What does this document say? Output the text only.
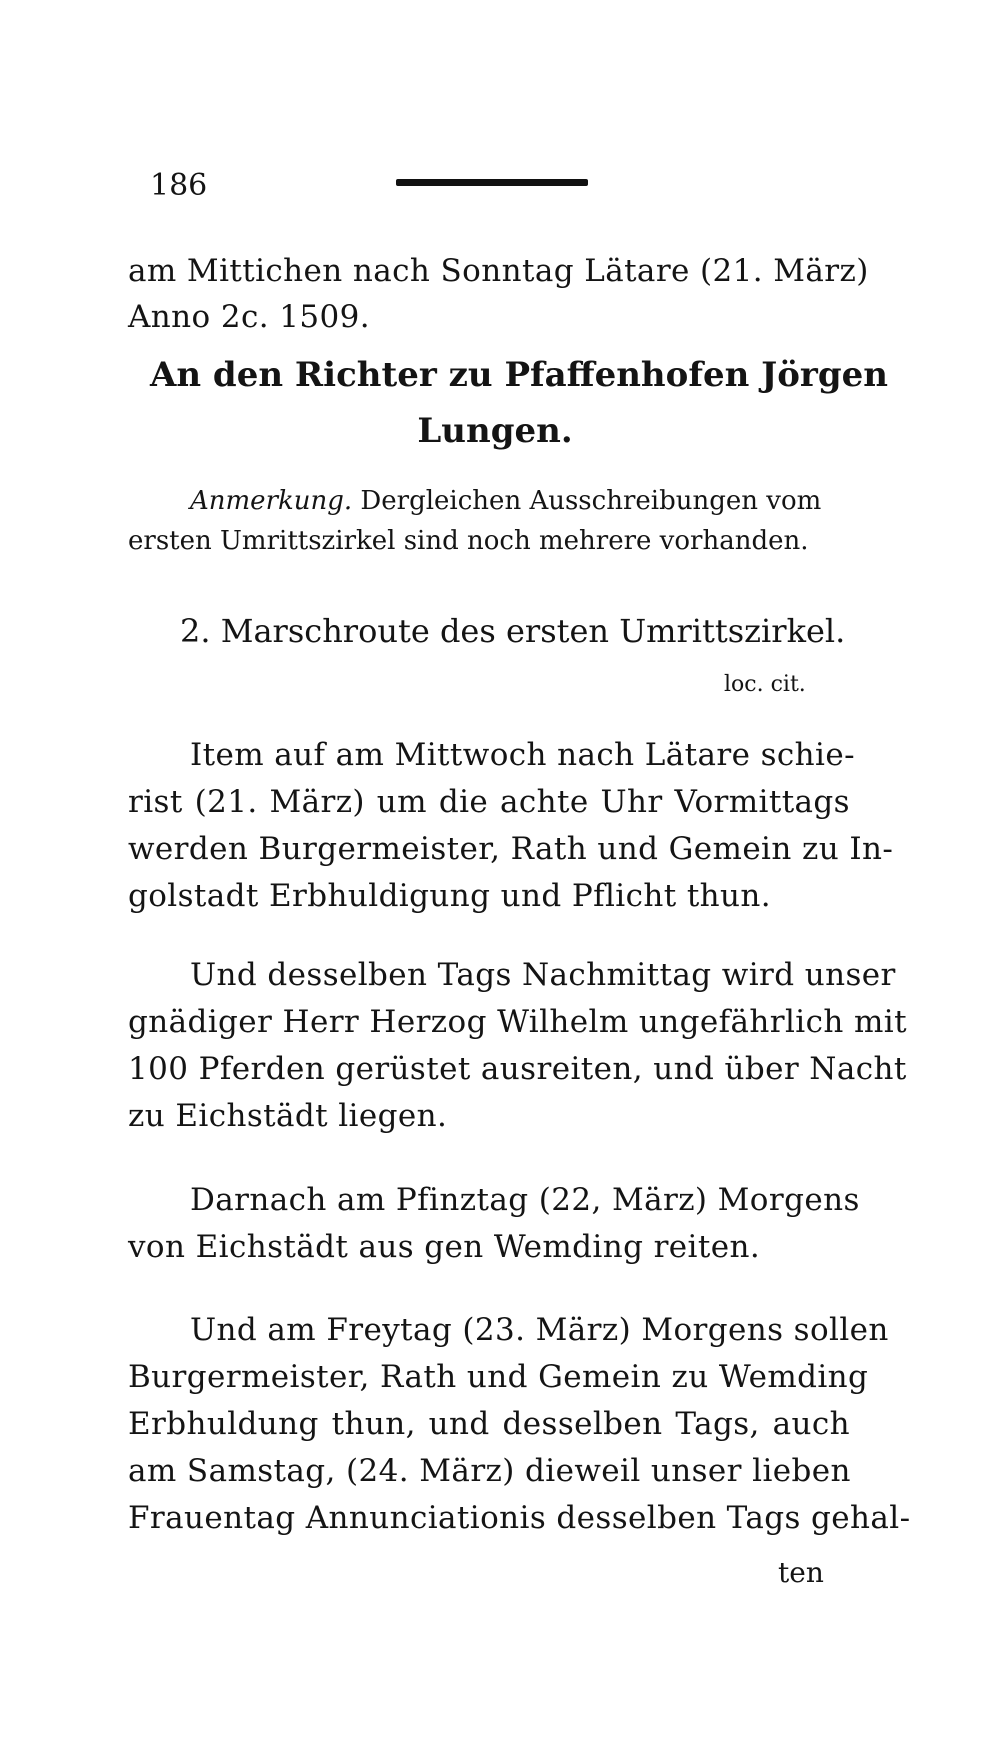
186
am Mittichen nach Sonntag Lätare (21. März)
Anno 2c. 1509.
An den Richter zu Pfaffenhofen Jörgen
Lungen.
Anmerkung. Dergleichen Ausschreibungen vom
ersten Umrittszirkel sind noch mehrere vorhanden.
2. Marschroute des ersten Umrittszirkel.
loc. cit.
Item auf am Mittwoch nach Lätare schie-
rist (21. März) um die achte Uhr Vormittags
werden Burgermeister, Rath und Gemein zu In-
golstadt Erbhuldigung und Pflicht thun.
Und desselben Tags Nachmittag wird unser
gnädiger Herr Herzog Wilhelm ungefährlich mit
100 Pferden gerüstet ausreiten, und über Nacht
zu Eichstädt liegen.
Darnach am Pfinztag (22, März) Morgens
von Eichstädt aus gen Wemding reiten.
Und am Freytag (23. März) Morgens sollen
Burgermeister, Rath und Gemein zu Wemding
Erbhuldung thun, und desselben Tags, auch
am Samstag, (24. März) dieweil unser lieben
Frauentag Annunciationis desselben Tags gehal-
ten
